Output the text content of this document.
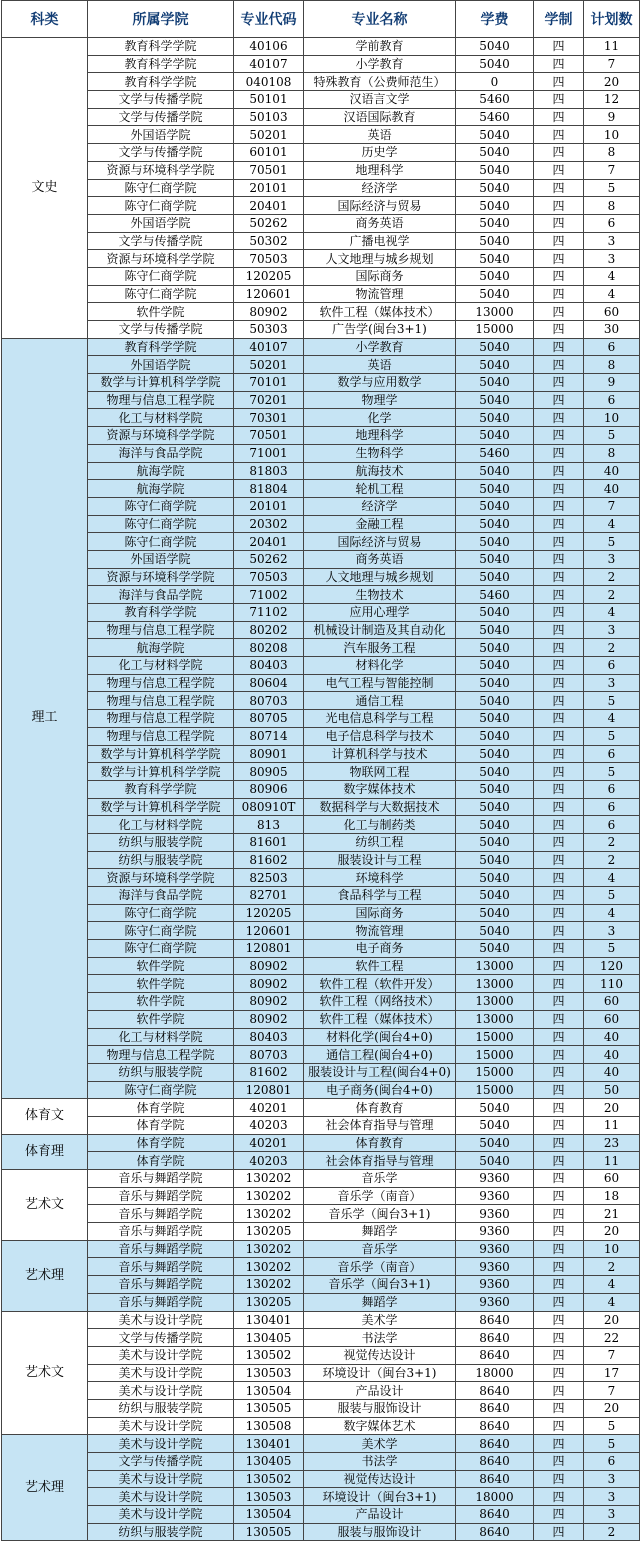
科类	所属学院	专业代码	专业名称	学费	学制	计划数
文史	教育科学学院	40106	学前教育	5040	四	11
	教育科学学院	40107	小学教育	5040	四	7
	教育科学学院	040108	特殊教育（公费师范生）	0	四	20
	文学与传播学院	50101	汉语言文学	5460	四	12
	文学与传播学院	50103	汉语国际教育	5460	四	9
	外国语学院	50201	英语	5040	四	10
	文学与传播学院	60101	历史学	5040	四	8
	资源与环境科学学院	70501	地理科学	5040	四	7
	陈守仁商学院	20101	经济学	5040	四	5
	陈守仁商学院	20401	国际经济与贸易	5040	四	8
	外国语学院	50262	商务英语	5040	四	6
	文学与传播学院	50302	广播电视学	5040	四	3
	资源与环境科学学院	70503	人文地理与城乡规划	5040	四	3
	陈守仁商学院	120205	国际商务	5040	四	4
	陈守仁商学院	120601	物流管理	5040	四	4
	软件学院	80902	软件工程（媒体技术）	13000	四	60
	文学与传播学院	50303	广告学(闽台3+1)	15000	四	30
理工	教育科学学院	40107	小学教育	5040	四	6
	外国语学院	50201	英语	5040	四	8
	数学与计算机科学学院	70101	数学与应用数学	5040	四	9
	物理与信息工程学院	70201	物理学	5040	四	6
	化工与材料学院	70301	化学	5040	四	10
	资源与环境科学学院	70501	地理科学	5040	四	5
	海洋与食品学院	71001	生物科学	5460	四	8
	航海学院	81803	航海技术	5040	四	40
	航海学院	81804	轮机工程	5040	四	40
	陈守仁商学院	20101	经济学	5040	四	7
	陈守仁商学院	20302	金融工程	5040	四	4
	陈守仁商学院	20401	国际经济与贸易	5040	四	5
	外国语学院	50262	商务英语	5040	四	3
	资源与环境科学学院	70503	人文地理与城乡规划	5040	四	2
	海洋与食品学院	71002	生物技术	5460	四	2
	教育科学学院	71102	应用心理学	5040	四	4
	物理与信息工程学院	80202	机械设计制造及其自动化	5040	四	3
	航海学院	80208	汽车服务工程	5040	四	2
	化工与材料学院	80403	材料化学	5040	四	6
	物理与信息工程学院	80604	电气工程与智能控制	5040	四	3
	物理与信息工程学院	80703	通信工程	5040	四	5
	物理与信息工程学院	80705	光电信息科学与工程	5040	四	4
	物理与信息工程学院	80714	电子信息科学与技术	5040	四	5
	数学与计算机科学学院	80901	计算机科学与技术	5040	四	6
	数学与计算机科学学院	80905	物联网工程	5040	四	5
	教育科学学院	80906	数字媒体技术	5040	四	6
	数学与计算机科学学院	080910T	数据科学与大数据技术	5040	四	6
	化工与材料学院	813	化工与制药类	5040	四	6
	纺织与服装学院	81601	纺织工程	5040	四	2
	纺织与服装学院	81602	服装设计与工程	5040	四	2
	资源与环境科学学院	82503	环境科学	5040	四	4
	海洋与食品学院	82701	食品科学与工程	5040	四	5
	陈守仁商学院	120205	国际商务	5040	四	4
	陈守仁商学院	120601	物流管理	5040	四	3
	陈守仁商学院	120801	电子商务	5040	四	5
	软件学院	80902	软件工程	13000	四	120
	软件学院	80902	软件工程（软件开发）	13000	四	110
	软件学院	80902	软件工程（网络技术）	13000	四	60
	软件学院	80902	软件工程（媒体技术）	13000	四	60
	化工与材料学院	80403	材料化学(闽台4+0)	15000	四	40
	物理与信息工程学院	80703	通信工程(闽台4+0)	15000	四	40
	纺织与服装学院	81602	服装设计与工程(闽台4+0)	15000	四	40
	陈守仁商学院	120801	电子商务(闽台4+0)	15000	四	50
体育文	体育学院	40201	体育教育	5040	四	20
	体育学院	40203	社会体育指导与管理	5040	四	11
体育理	体育学院	40201	体育教育	5040	四	23
	体育学院	40203	社会体育指导与管理	5040	四	11
艺术文	音乐与舞蹈学院	130202	音乐学	9360	四	60
	音乐与舞蹈学院	130202	音乐学（南音）	9360	四	18
	音乐与舞蹈学院	130202	音乐学（闽台3+1)	9360	四	21
	音乐与舞蹈学院	130205	舞蹈学	9360	四	20
艺术理	音乐与舞蹈学院	130202	音乐学	9360	四	10
	音乐与舞蹈学院	130202	音乐学（南音）	9360	四	2
	音乐与舞蹈学院	130202	音乐学（闽台3+1)	9360	四	4
	音乐与舞蹈学院	130205	舞蹈学	9360	四	4
艺术文	美术与设计学院	130401	美术学	8640	四	20
	文学与传播学院	130405	书法学	8640	四	22
	美术与设计学院	130502	视觉传达设计	8640	四	7
	美术与设计学院	130503	环境设计（闽台3+1)	18000	四	17
	美术与设计学院	130504	产品设计	8640	四	7
	纺织与服装学院	130505	服装与服饰设计	8640	四	20
	美术与设计学院	130508	数字媒体艺术	8640	四	5
艺术理	美术与设计学院	130401	美术学	8640	四	5
	文学与传播学院	130405	书法学	8640	四	6
	美术与设计学院	130502	视觉传达设计	8640	四	3
	美术与设计学院	130503	环境设计（闽台3+1)	18000	四	3
	美术与设计学院	130504	产品设计	8640	四	3
	纺织与服装学院	130505	服装与服饰设计	8640	四	2
